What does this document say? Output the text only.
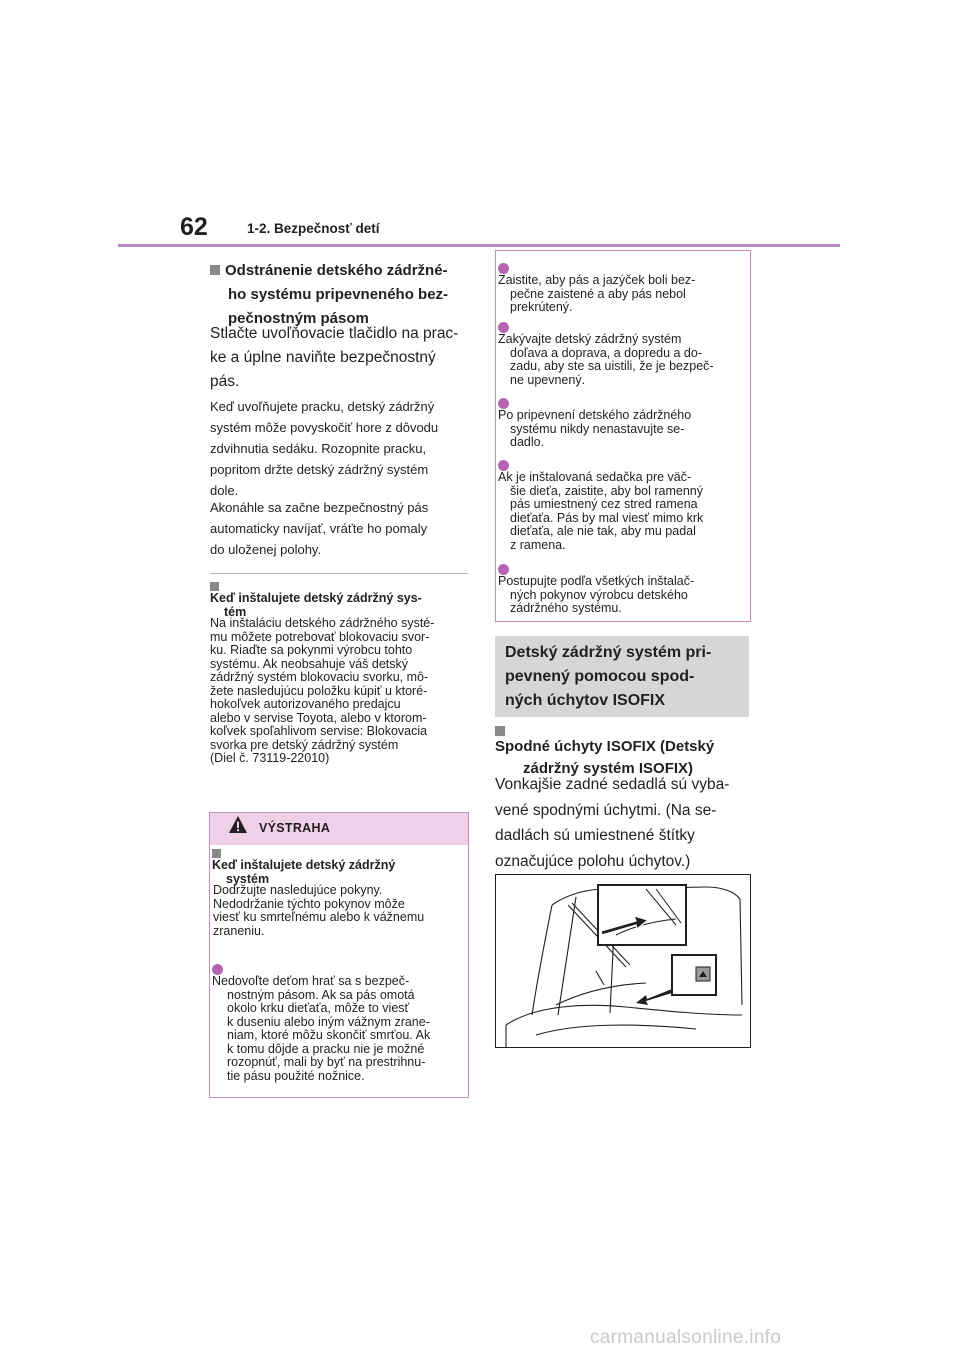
62	1-2. Bezpečnosť detí
Odstránenie detského zádržné-
ho systému pripevneného bez-
pečnostným pásom
Stlačte uvoľňovacie tlačidlo na prac-
ke a úplne naviňte bezpečnostný
pás.
Keď uvoľňujete pracku, detský zádržný
systém môže povyskočiť hore z dôvodu
zdvihnutia sedáku. Rozopnite pracku,
popritom držte detský zádržný systém
dole.
Akonáhle sa začne bezpečnostný pás
automaticky navíjať, vráťte ho pomaly
do uloženej polohy.
Keď inštalujete detský zádržný sys-
tém
Na inštaláciu detského zádržného systé-
mu môžete potrebovať blokovaciu svor-
ku. Riaďte sa pokynmi výrobcu tohto
systému. Ak neobsahuje váš detský
zádržný systém blokovaciu svorku, mô-
žete nasledujúcu položku kúpiť u ktoré-
hokoľvek autorizovaného predajcu
alebo v servise Toyota, alebo v ktorom-
koľvek spoľahlivom servise: Blokovacia
svorka pre detský zádržný systém
(Diel č. 73119-22010)
VÝSTRAHA
Keď inštalujete detský zádržný
systém
Dodržujte nasledujúce pokyny.
Nedodržanie týchto pokynov môže
viesť ku smrteľnému alebo k vážnemu
zraneniu.
Nedovoľte deťom hrať sa s bezpeč-
nostným pásom. Ak sa pás omotá
okolo krku dieťaťa, môže to viesť
k duseniu alebo iným vážnym zrane-
niam, ktoré môžu skončiť smrťou. Ak
k tomu dôjde a pracku nie je možné
rozopnúť, mali by byť na prestrihnu-
tie pásu použité nožnice.
Zaistite, aby pás a jazýček boli bez-
pečne zaistené a aby pás nebol
prekrútený.
Zakývajte detský zádržný systém
doľava a doprava, a dopredu a do-
zadu, aby ste sa uistili, že je bezpeč-
ne upevnený.
Po pripevnení detského zádržného
systému nikdy nenastavujte se-
dadlo.
Ak je inštalovaná sedačka pre väč-
šie dieťa, zaistite, aby bol ramenný
pás umiestnený cez stred ramena
dieťaťa. Pás by mal viesť mimo krk
dieťaťa, ale nie tak, aby mu padal
z ramena.
Postupujte podľa všetkých inštalač-
ných pokynov výrobcu detského
zádržného systému.
Detský zádržný systém pri-
pevnený pomocou spod-
ných úchytov ISOFIX
Spodné úchyty ISOFIX (Detský
zádržný systém ISOFIX)
Vonkajšie zadné sedadlá sú vyba-
vené spodnými úchytmi. (Na se-
dadlách sú umiestnené štítky
označujúce polohu úchytov.)
carmanualsonline.info
